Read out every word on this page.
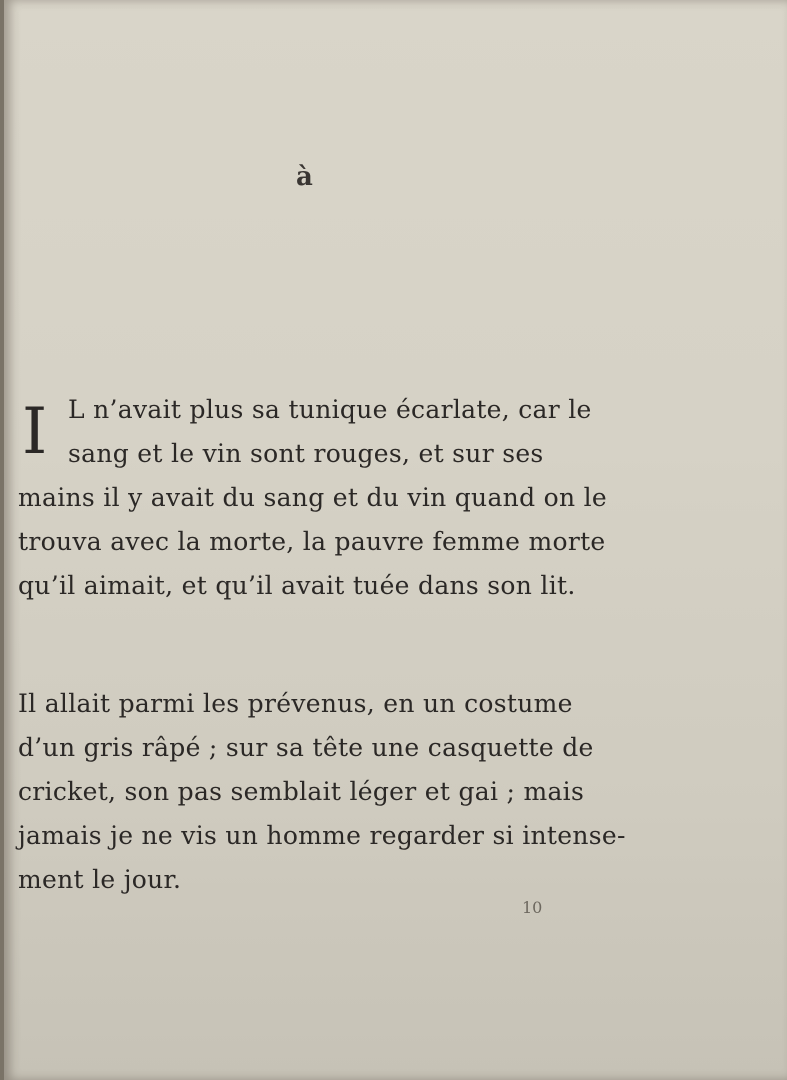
à
I L n’avait plus sa tunique écarlate, car le
sang et le vin sont rouges, et sur ses
mains il y avait du sang et du vin quand on le
trouva avec la morte, la pauvre femme morte
qu’il aimait, et qu’il avait tuée dans son lit.
Il allait parmi les prévenus, en un costume
d’un gris râpé ; sur sa tête une casquette de
cricket, son pas semblait léger et gai ; mais
jamais je ne vis un homme regarder si intense-
ment le jour.
10
